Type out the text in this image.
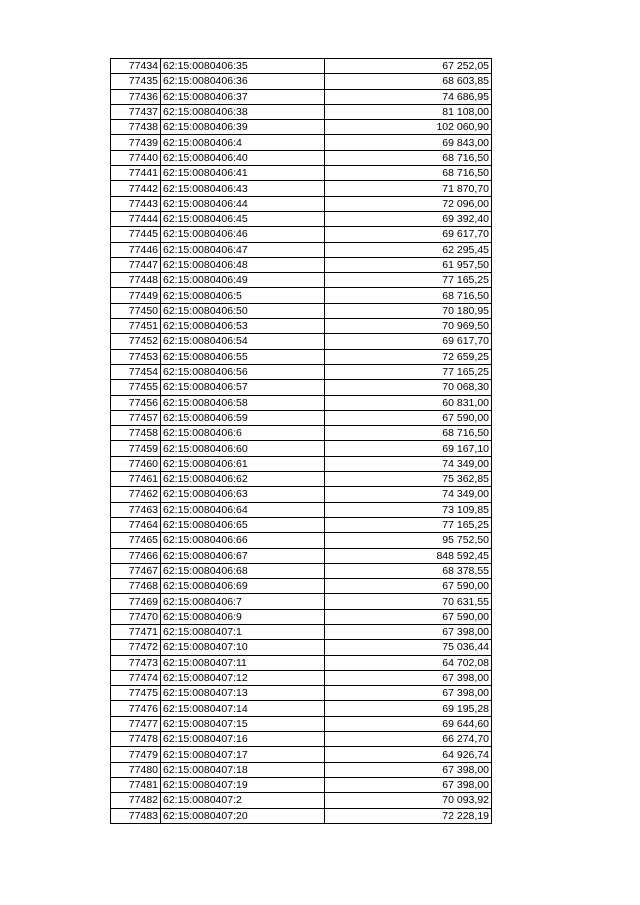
77434	62:15:0080406:35	67 252,05
77435	62:15:0080406:36	68 603,85
77436	62:15:0080406:37	74 686,95
77437	62:15:0080406:38	81 108,00
77438	62:15:0080406:39	102 060,90
77439	62:15:0080406:4	69 843,00
77440	62:15:0080406:40	68 716,50
77441	62:15:0080406:41	68 716,50
77442	62:15:0080406:43	71 870,70
77443	62:15:0080406:44	72 096,00
77444	62:15:0080406:45	69 392,40
77445	62:15:0080406:46	69 617,70
77446	62:15:0080406:47	62 295,45
77447	62:15:0080406:48	61 957,50
77448	62:15:0080406:49	77 165,25
77449	62:15:0080406:5	68 716,50
77450	62:15:0080406:50	70 180,95
77451	62:15:0080406:53	70 969,50
77452	62:15:0080406:54	69 617,70
77453	62:15:0080406:55	72 659,25
77454	62:15:0080406:56	77 165,25
77455	62:15:0080406:57	70 068,30
77456	62:15:0080406:58	60 831,00
77457	62:15:0080406:59	67 590,00
77458	62:15:0080406:6	68 716,50
77459	62:15:0080406:60	69 167,10
77460	62:15:0080406:61	74 349,00
77461	62:15:0080406:62	75 362,85
77462	62:15:0080406:63	74 349,00
77463	62:15:0080406:64	73 109,85
77464	62:15:0080406:65	77 165,25
77465	62:15:0080406:66	95 752,50
77466	62:15:0080406:67	848 592,45
77467	62:15:0080406:68	68 378,55
77468	62:15:0080406:69	67 590,00
77469	62:15:0080406:7	70 631,55
77470	62:15:0080406:9	67 590,00
77471	62:15:0080407:1	67 398,00
77472	62:15:0080407:10	75 036,44
77473	62:15:0080407:11	64 702,08
77474	62:15:0080407:12	67 398,00
77475	62:15:0080407:13	67 398,00
77476	62:15:0080407:14	69 195,28
77477	62:15:0080407:15	69 644,60
77478	62:15:0080407:16	66 274,70
77479	62:15:0080407:17	64 926,74
77480	62:15:0080407:18	67 398,00
77481	62:15:0080407:19	67 398,00
77482	62:15:0080407:2	70 093,92
77483	62:15:0080407:20	72 228,19
